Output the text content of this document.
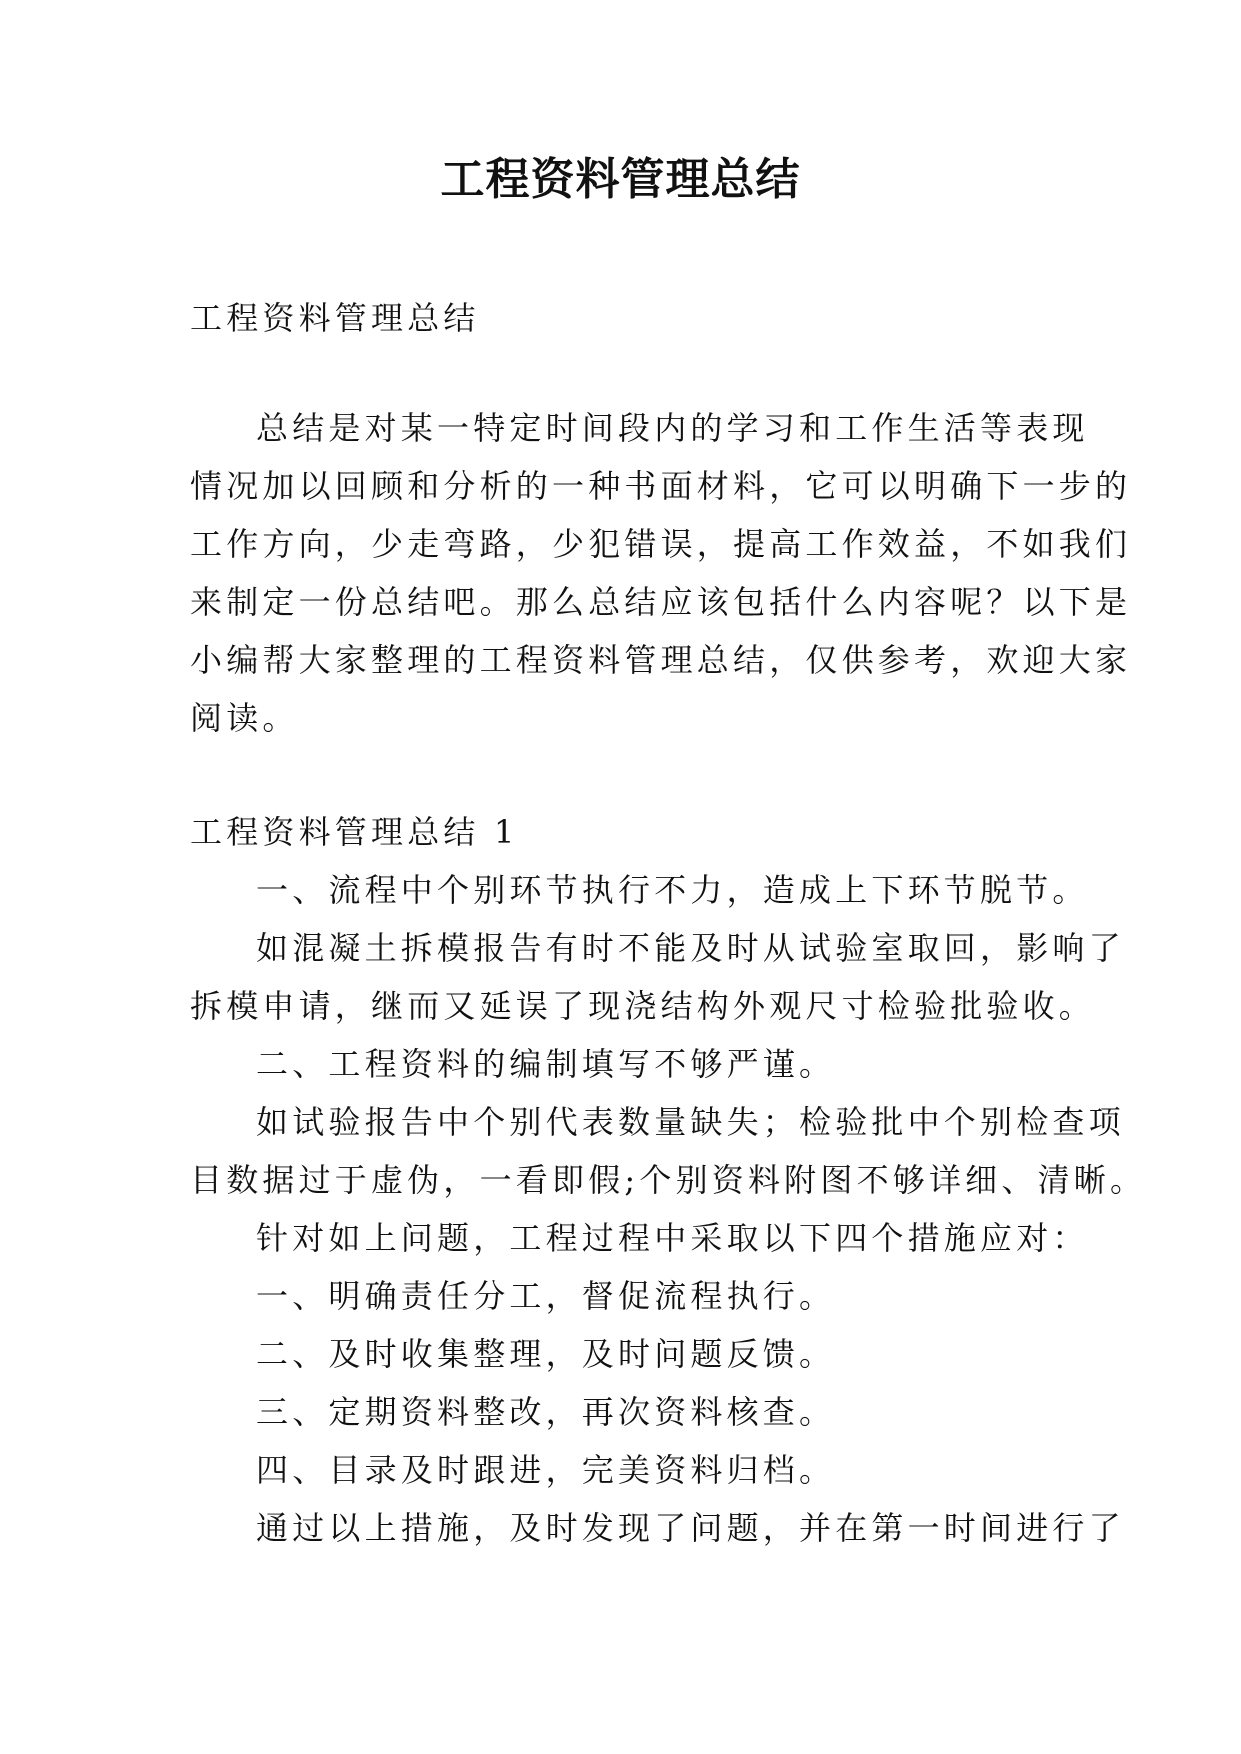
工程资料管理总结
工程资料管理总结
总结是对某一特定时间段内的学习和工作生活等表现
情况加以回顾和分析的一种书面材料，它可以明确下一步的
工作方向，少走弯路，少犯错误，提高工作效益，不如我们
来制定一份总结吧。那么总结应该包括什么内容呢？以下是
小编帮大家整理的工程资料管理总结，仅供参考，欢迎大家
阅读。
工程资料管理总结 1
一、流程中个别环节执行不力，造成上下环节脱节。
如混凝土拆模报告有时不能及时从试验室取回，影响了
拆模申请，继而又延误了现浇结构外观尺寸检验批验收。
二、工程资料的编制填写不够严谨。
如试验报告中个别代表数量缺失；检验批中个别检查项
目数据过于虚伪，一看即假;个别资料附图不够详细、清晰。
针对如上问题，工程过程中采取以下四个措施应对：
一、明确责任分工，督促流程执行。
二、及时收集整理，及时问题反馈。
三、定期资料整改，再次资料核查。
四、目录及时跟进，完美资料归档。
通过以上措施，及时发现了问题，并在第一时间进行了
